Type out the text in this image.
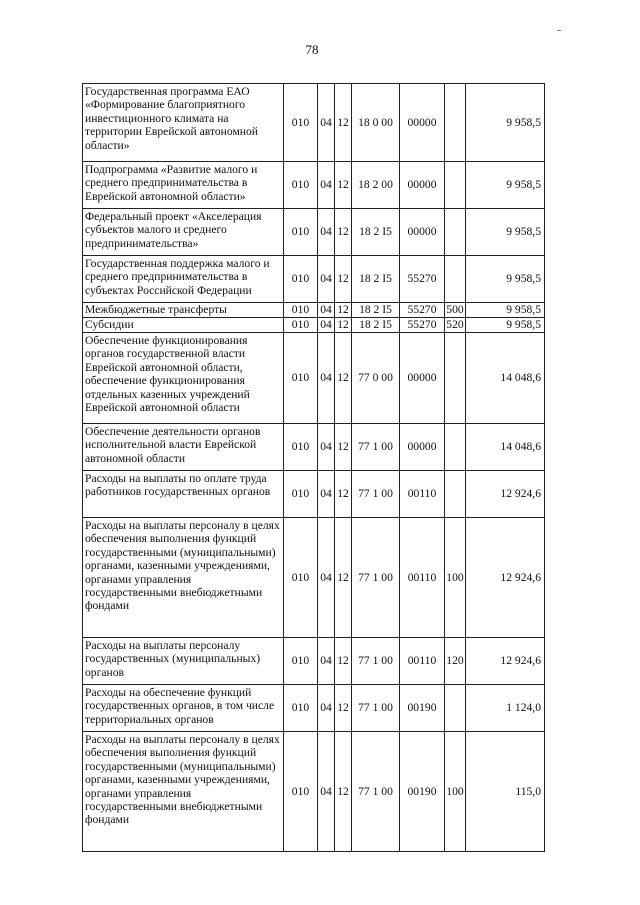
78
Государственная программа ЕАО «Формирование благоприятного инвестиционного климата на территории Еврейской автономной области»	010	04	12	18 0 00	00000		9 958,5
Подпрограмма «Развитие малого и среднего предпринимательства в Еврейской автономной области»	010	04	12	18 2 00	00000		9 958,5
Федеральный проект «Акселерация субъектов малого и среднего предпринимательства»	010	04	12	18 2 I5	00000		9 958,5
Государственная поддержка малого и среднего предпринимательства в субъектах Российской Федерации	010	04	12	18 2 I5	55270		9 958,5
Межбюджетные трансферты	010	04	12	18 2 I5	55270	500	9 958,5
Субсидии	010	04	12	18 2 I5	55270	520	9 958,5
Обеспечение функционирования органов государственной власти Еврейской автономной области, обеспечение функционирования отдельных казенных учреждений Еврейской автономной области	010	04	12	77 0 00	00000		14 048,6
Обеспечение деятельности органов исполнительной власти Еврейской автономной области	010	04	12	77 1 00	00000		14 048,6
Расходы на выплаты по оплате труда работников государственных органов	010	04	12	77 1 00	00110		12 924,6
Расходы на выплаты персоналу в целях обеспечения выполнения функций государственными (муниципальными) органами, казенными учреждениями, органами управления государственными внебюджетными фондами	010	04	12	77 1 00	00110	100	12 924,6
Расходы на выплаты персоналу государственных (муниципальных) органов	010	04	12	77 1 00	00110	120	12 924,6
Расходы на обеспечение функций государственных органов, в том числе территориальных органов	010	04	12	77 1 00	00190		1 124,0
Расходы на выплаты персоналу в целях обеспечения выполнения функций государственными (муниципальными) органами, казенными учреждениями, органами управления государственными внебюджетными фондами	010	04	12	77 1 00	00190	100	115,0
